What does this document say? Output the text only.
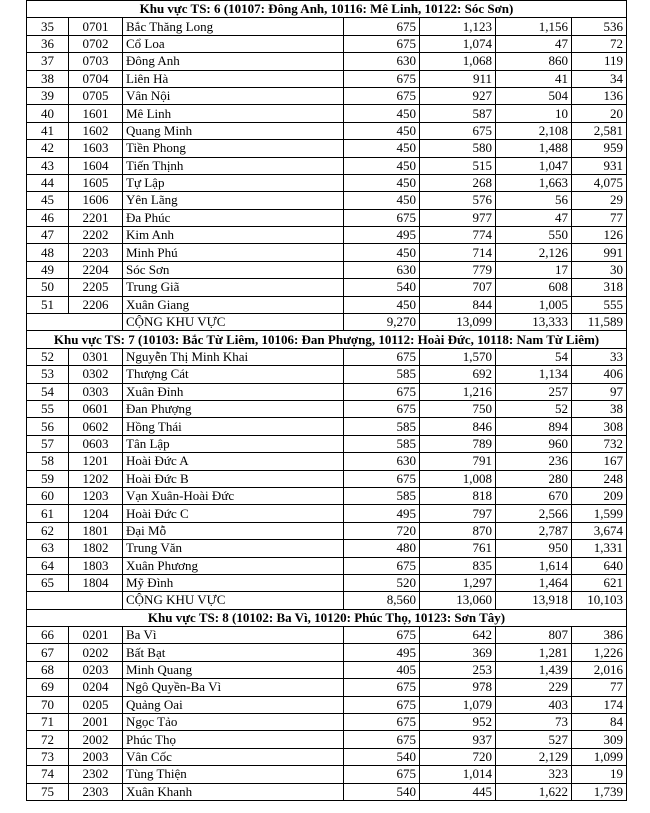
Khu vực TS: 6 (10107: Đông Anh, 10116: Mê Linh, 10122: Sóc Sơn)						
35	0701	Bắc Thăng Long	675	1,123	1,156	536
36	0702	Cổ Loa	675	1,074	47	72
37	0703	Đông Anh	630	1,068	860	119
38	0704	Liên Hà	675	911	41	34
39	0705	Vân Nội	675	927	504	136
40	1601	Mê Linh	450	587	10	20
41	1602	Quang Minh	450	675	2,108	2,581
42	1603	Tiền Phong	450	580	1,488	959
43	1604	Tiến Thịnh	450	515	1,047	931
44	1605	Tự Lập	450	268	1,663	4,075
45	1606	Yên Lãng	450	576	56	29
46	2201	Đa Phúc	675	977	47	77
47	2202	Kim Anh	495	774	550	126
48	2203	Minh Phú	450	714	2,126	991
49	2204	Sóc Sơn	630	779	17	30
50	2205	Trung Giã	540	707	608	318
51	2206	Xuân Giang	450	844	1,005	555
		CỘNG KHU VỰC	9,270	13,099	13,333	11,589
Khu vực TS: 7 (10103: Bắc Từ Liêm, 10106: Đan Phượng, 10112: Hoài Đức, 10118: Nam Từ Liêm)						
52	0301	Nguyễn Thị Minh Khai	675	1,570	54	33
53	0302	Thượng Cát	585	692	1,134	406
54	0303	Xuân Đỉnh	675	1,216	257	97
55	0601	Đan Phượng	675	750	52	38
56	0602	Hồng Thái	585	846	894	308
57	0603	Tân Lập	585	789	960	732
58	1201	Hoài Đức A	630	791	236	167
59	1202	Hoài Đức B	675	1,008	280	248
60	1203	Vạn Xuân-Hoài Đức	585	818	670	209
61	1204	Hoài Đức C	495	797	2,566	1,599
62	1801	Đại Mỗ	720	870	2,787	3,674
63	1802	Trung Văn	480	761	950	1,331
64	1803	Xuân Phương	675	835	1,614	640
65	1804	Mỹ Đình	520	1,297	1,464	621
		CỘNG KHU VỰC	8,560	13,060	13,918	10,103
Khu vực TS: 8 (10102: Ba Vì, 10120: Phúc Thọ, 10123: Sơn Tây)						
66	0201	Ba Vì	675	642	807	386
67	0202	Bất Bạt	495	369	1,281	1,226
68	0203	Minh Quang	405	253	1,439	2,016
69	0204	Ngô Quyền-Ba Vì	675	978	229	77
70	0205	Quảng Oai	675	1,079	403	174
71	2001	Ngọc Tảo	675	952	73	84
72	2002	Phúc Thọ	675	937	527	309
73	2003	Vân Cốc	540	720	2,129	1,099
74	2302	Tùng Thiện	675	1,014	323	19
75	2303	Xuân Khanh	540	445	1,622	1,739
